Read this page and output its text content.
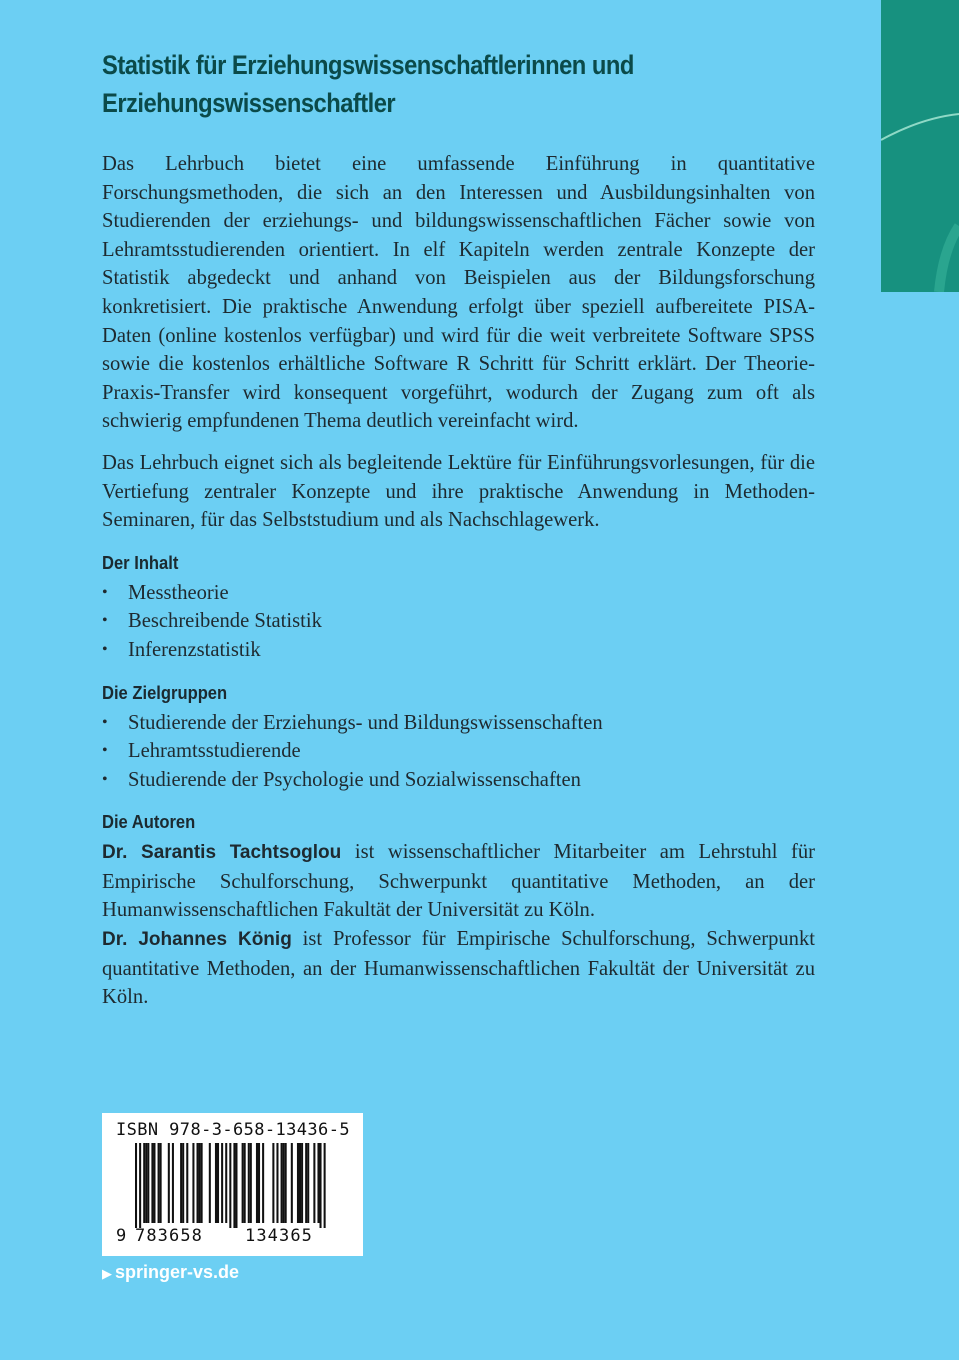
Statistik für Erziehungswissenschaftlerinnen und Erziehungswissenschaftler

Das Lehrbuch bietet eine umfassende Einführung in quantitative Forschungsmethoden, die sich an den Interessen und Ausbildungsinhalten von Studierenden der erziehungs- und bildungswissenschaftlichen Fächer sowie von Lehramtsstudierenden orientiert. In elf Kapiteln werden zentrale Konzepte der Statistik abgedeckt und anhand von Beispielen aus der Bildungsforschung konkretisiert. Die praktische Anwendung erfolgt über speziell aufbereitete PISA-Daten (online kostenlos verfügbar) und wird für die weit verbreitete Software SPSS sowie die kostenlos erhältliche Software R Schritt für Schritt erklärt. Der Theorie-Praxis-Transfer wird konsequent vorgeführt, wodurch der Zugang zum oft als schwierig empfundenen Thema deutlich vereinfacht wird.

Das Lehrbuch eignet sich als begleitende Lektüre für Einführungsvorlesungen, für die Vertiefung zentraler Konzepte und ihre praktische Anwendung in Methoden-Seminaren, für das Selbststudium und als Nachschlagewerk.

Der Inhalt
• Messtheorie
• Beschreibende Statistik
• Inferenzstatistik
Die Zielgruppen
• Studierende der Erziehungs- und Bildungswissenschaften
• Lehramtsstudierende
• Studierende der Psychologie und Sozialwissenschaften
Die Autoren

Dr. Sarantis Tachtsoglou ist wissenschaftlicher Mitarbeiter am Lehrstuhl für Empirische Schulforschung, Schwerpunkt quantitative Methoden, an der Humanwissenschaftlichen Fakultät der Universität zu Köln.

Dr. Johannes König ist Professor für Empirische Schulforschung, Schwerpunkt quantitative Methoden, an der Humanwissenschaftlichen Fakultät der Universität zu Köln.

ISBN 978-3-658-13436-5
9 783658 134365
▶ springer-vs.de
